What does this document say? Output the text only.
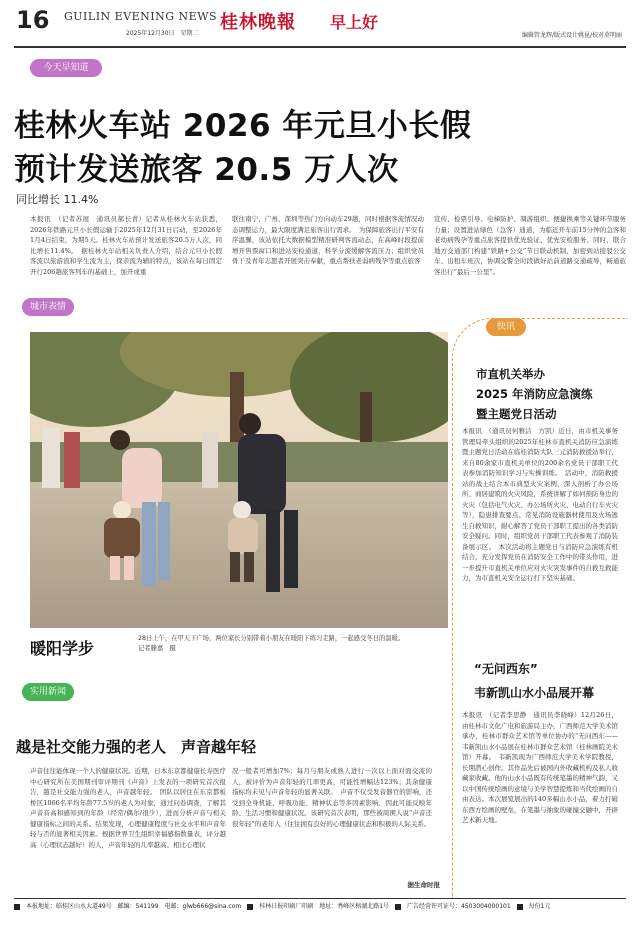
16 GUILIN EVENING NEWS
2025年12月30日　星期二
桂林晚報 早上好
编辑管龙辉/版式设计姚昆/校对莫明丽
今天早知道
桂林火车站 2026 年元旦小长假
预计发送旅客 20.5 万人次
同比增长 11.4%
本报讯　（记者苏展　通讯员郝长青）记者从桂林火车站获悉，2026年铁路元旦小长假运输于2025年12月31日启动，至2026年1月4日结束，为期5天。桂林火车站预计发送旅客20.5万人次，同比增长11.4%。　据桂林火车站相关负责人介绍，结合元旦小长假客流以旅游流和学生流为主，探亲流为辅的特点，该站在每日固定开行206趟旅客列车的基础上，加开或重
联往南宁、广州、深圳等热门方向动车29趟，同时根据客流情况动态调整运力，最大限度满足旅客出行需求。　为保障旅客出行平安有序温馨，该站依托大数据模型精准研判客流动态，在高峰时段提前增开售票窗口和进站安检通道，科学分流缓解客流压力；组织党员骨干及青年志愿者开展突击奉献，重点帮扶老弱病残孕等重点旅客
宣传、检票引导、电梯防护、凋游组织、便捷换乘等关键环节服务力量；设置进站绿色（急客）通道，为临近开车前15分钟的急客和老幼病残孕等重点旅客提供优先验证、优先安检服务。同时，联合地方交通部门构建“铁路+公交”节日联动机制，加密到站接驳公交车、出租车班次，协调交警全时段做好站前道路交通疏导，畅通旅客出行“最后一公里”。
城市表情
暖阳学步
28日上午，在甲天下广场，两位家长分别带着小朋友在暖阳下练习走路，一起感受冬日的温暖。　　　　　　　　　　　　记者滕嘉　摄
快讯
市直机关举办
2025 年消防应急演练
暨主题党日活动
本报讯　（通讯员何雅洁　方凯）近日，由市机关事务管理局牵头组织的2025年桂林市直机关消防应急演练暨主题党日活动在临桂消防大队三元消防救援站举行，来自80余家市直机关单位的200余名党员干部职工代表参加消防知识学习与实操训练。　活动中，消防救援站的战士结合本市典型火灾案例，深入剖析了办公场所、商居建筑的火灾风险，系统讲解了如何预防身边的火灾（包括电气火灾、办公场所火灾、电动自行车火灾等），隐患排查要点、常见消防设施器材使用及火场逃生自救知识，耐心解答了党员干部职工提出的各类消防安全疑问。同时，组织党员干部职工代表参观了消防装备展示区。　本次活动将主题党日与消防应急演练有机结合，充分发挥党员在消防安全工作中的带头作用，进一步提升市直机关单位应对火灾突发事件的自救互救能力，为市直机关安全运行打下坚实基础。
“无问西东”
韦新凯山水小品展开幕
本报讯　（记者李思静　通讯员李晓峰）12月26日，由桂林市文化广电和旅游局主办，广西师范大学美术馆承办，桂林市群众艺术馆等单位协办的“无问西东——韦新凯山水小品展在桂林市群众艺术馆（桂林画院美术馆）开幕。　韦新凯现为广西师范大学美术学院教授，长期潜心创作。其作品先后被国内外收藏机构及私人收藏家收藏。他的山水小品既有传统笔墨的精神气韵，又以中国传统绘画的意境与美学智慧提炼和当代绘画的自由表达。本次展览展出的140多幅山水小品，着力打破东西方绘画的壁垒，在笔墨与抽象的碰撞交融中，开辟艺术新天地。
实用新闻
越是社交能力强的老人　声音越年轻
声音往往能体现一个人的健康状况。近期，日本东京都健康长寿医疗中心研究所在美国期刊审评期刊《声音》上发表的一项研究首次报告，越是社交能力强的老人，声音越年轻。　团队以居住在东京都板桥区1066名平均年龄77.5岁的老人为对象，通过问卷调查，了解其声音音高和感知到的年龄（经常/偶尔/很少），进而分析声音与相关健康指标之间的关系。结果发现，心理健康程度与社交水平和声音年轻与否的显著相关因素。根据世界卫生组织幸福感指数量表，评分越高（心理状态越好）的人，声音年轻的几率越高。相比心理状
况一般者可增加7%；每月与朋友或熟人进行一次以上面对面交流的人，被评价为声音年轻的几率更高，可能性增幅达123%；其余健康指标均未见与声音年轻的显著关联。　声音不仅受发音器官的影响，还受到全身机能、呼吸功能、精神状态等多因素影响，因此可能反映年龄、生活习惯和健康状况。该研究首次表明，那些被周围人说“声音还很年轻”的老年人（往往拥有良好的心理健康状态和积极的人际关系。
据生命时报
本报地址：临桂区山水大道49号　邮编：541199　电邮：glwb666@sina.com	桂林日报印刷厂印刷　地址：秀峰区榕湖北路1号	广告经营许可证号：4503004000101	每份1元
